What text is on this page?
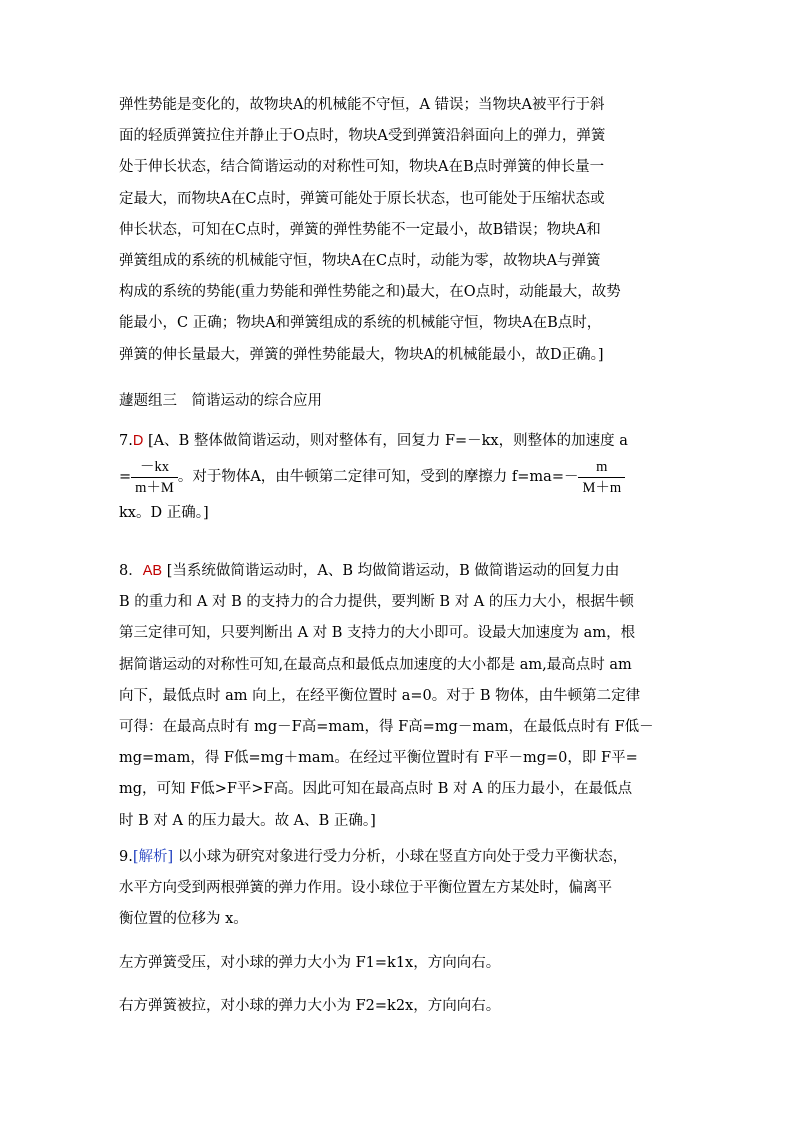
弹性势能是变化的，故物块A的机械能不守恒，A 错误；当物块A被平行于斜
面的轻质弹簧拉住并静止于O点时，物块A受到弹簧沿斜面向上的弹力，弹簧
处于伸长状态，结合简谐运动的对称性可知，物块A在B点时弹簧的伸长量一
定最大，而物块A在C点时，弹簧可能处于原长状态，也可能处于压缩状态或
伸长状态，可知在C点时，弹簧的弹性势能不一定最小，故B错误；物块A和
弹簧组成的系统的机械能守恒，物块A在C点时，动能为零，故物块A与弹簧
构成的系统的势能(重力势能和弹性势能之和)最大，在O点时，动能最大，故势
能最小，C 正确；物块A和弹簧组成的系统的机械能守恒，物块A在B点时，
弹簧的伸长量最大，弹簧的弹性势能最大，物块A的机械能最小，故D正确。]
蘧题组三　简谐运动的综合应用
7.D [A、B 整体做简谐运动，则对整体有，回复力 F=－kx，则整体的加速度 a
= $\frac{-kx}{m+M}$ 。对于物体A，由牛顿第二定律可知，受到的摩擦力 $f=ma=- \frac{m}{M+m}$
kx。D 正确。]
8．AB [当系统做简谐运动时，A、B 均做简谐运动，B 做简谐运动的回复力由
B 的重力和 A 对 B 的支持力的合力提供，要判断 B 对 A 的压力大小，根据牛顿
第三定律可知，只要判断出 A 对 B 支持力的大小即可。设最大加速度为 am，根
据简谐运动的对称性可知,在最高点和最低点加速度的大小都是 am,最高点时 am
向下，最低点时 am 向上，在经平衡位置时 a=0。对于 B 物体，由牛顿第二定律
可得：在最高点时有 mg－F高=mam，得 F高=mg－mam，在最低点时有 F低－
mg=mam，得 F低=mg＋mam。在经过平衡位置时有 F平－mg=0，即 F平=
mg，可知 F低>F平>F高。因此可知在最高点时 B 对 A 的压力最小，在最低点
时 B 对 A 的压力最大。故 A、B 正确。]
9.[解析] 以小球为研究对象进行受力分析，小球在竖直方向处于受力平衡状态，
水平方向受到两根弹簧的弹力作用。设小球位于平衡位置左方某处时，偏离平
衡位置的位移为 x。
左方弹簧受压，对小球的弹力大小为 F1=k1x，方向向右。
右方弹簧被拉，对小球的弹力大小为 F2=k2x，方向向右。
